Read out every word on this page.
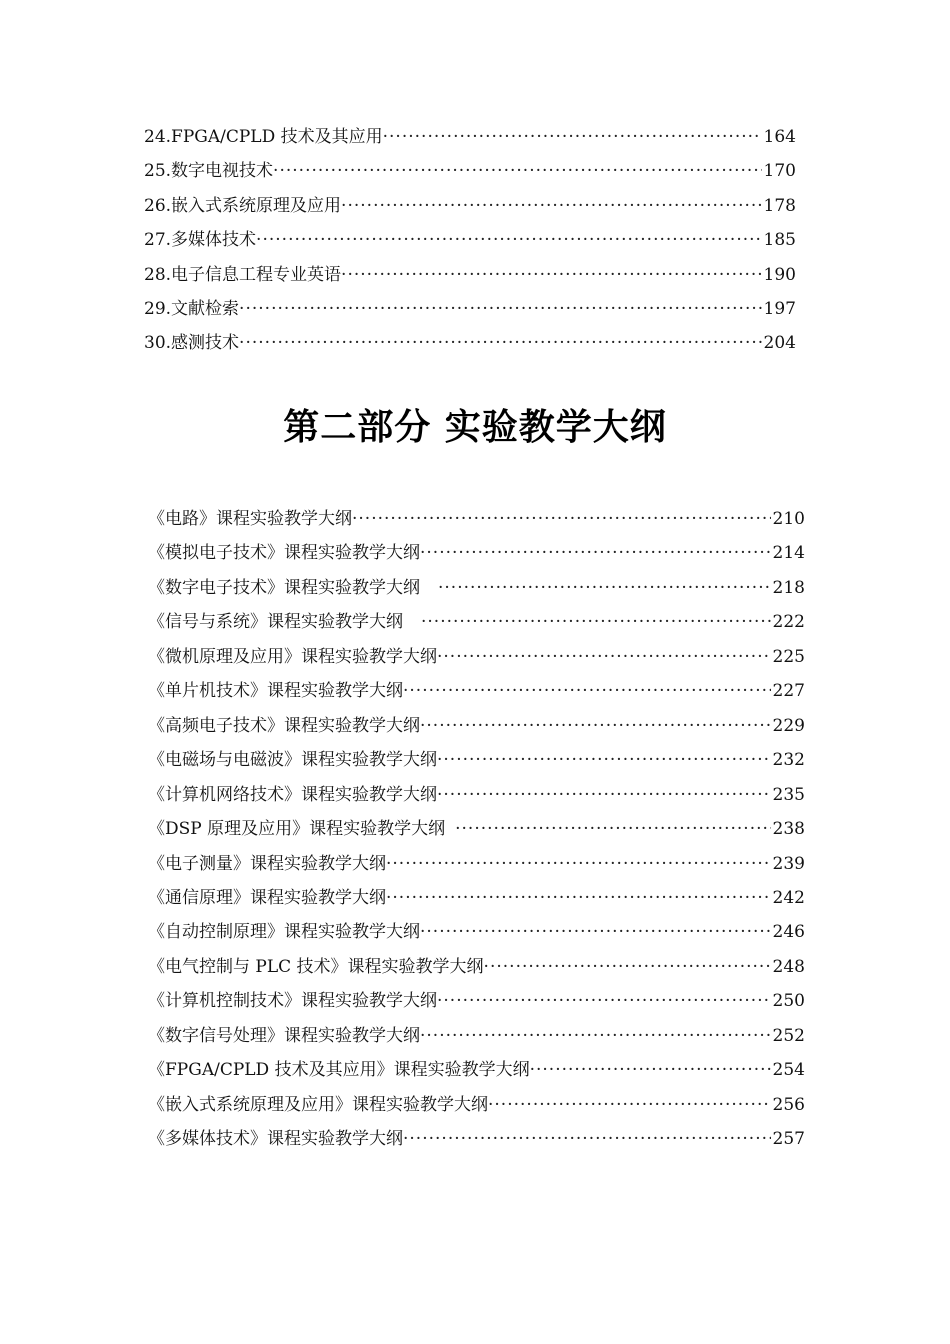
24.FPGA/CPLD 技术及其应用 ·····	164
25.数字电视技术 ·····	170
26.嵌入式系统原理及应用 ·····	178
27.多媒体技术 ·····	185
28.电子信息工程专业英语 ·····	190
29.文献检索 ·····	197
30.感测技术 ·····	204
第二部分 实验教学大纲
《电路》课程实验教学大纲 ·····	210
《模拟电子技术》课程实验教学大纲 ·····	214
《数字电子技术》课程实验教学大纲 ·····	218
《信号与系统》课程实验教学大纲 ·····	222
《微机原理及应用》课程实验教学大纲 ·····	225
《单片机技术》课程实验教学大纲 ·····	227
《高频电子技术》课程实验教学大纲 ·····	229
《电磁场与电磁波》课程实验教学大纲 ·····	232
《计算机网络技术》课程实验教学大纲 ·····	235
《DSP 原理及应用》课程实验教学大纲 ·····	238
《电子测量》课程实验教学大纲 ·····	239
《通信原理》课程实验教学大纲 ·····	242
《自动控制原理》课程实验教学大纲 ·····	246
《电气控制与 PLC 技术》课程实验教学大纲 ·····	248
《计算机控制技术》课程实验教学大纲 ·····	250
《数字信号处理》课程实验教学大纲 ·····	252
《FPGA/CPLD 技术及其应用》课程实验教学大纲 ·····	254
《嵌入式系统原理及应用》课程实验教学大纲 ·····	256
《多媒体技术》课程实验教学大纲 ·····	257
